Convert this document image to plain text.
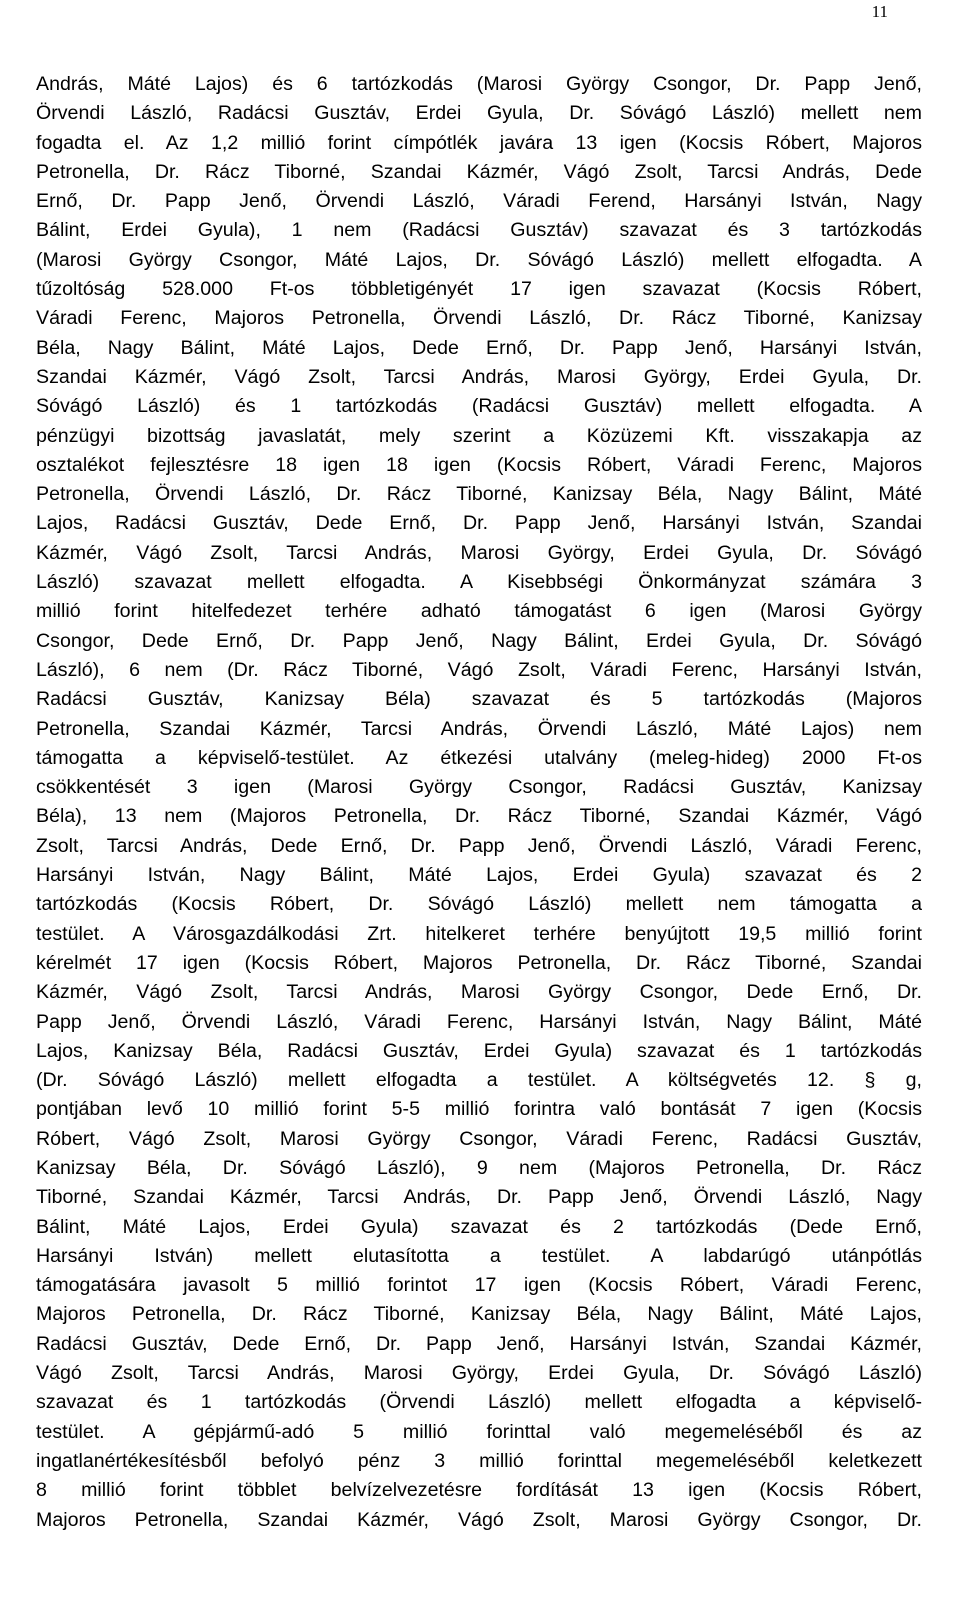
11
András, Máté Lajos) és 6 tartózkodás (Marosi György Csongor, Dr. Papp Jenő,
Örvendi László, Radácsi Gusztáv, Erdei Gyula, Dr. Sóvágó László) mellett nem
fogadta el. Az 1,2 millió forint címpótlék javára 13 igen (Kocsis Róbert, Majoros
Petronella, Dr. Rácz Tiborné, Szandai Kázmér, Vágó Zsolt, Tarcsi András, Dede
Ernő, Dr. Papp Jenő, Örvendi László, Váradi Ferend, Harsányi István, Nagy
Bálint, Erdei Gyula), 1 nem (Radácsi Gusztáv) szavazat és 3 tartózkodás
(Marosi György Csongor, Máté Lajos, Dr. Sóvágó László) mellett elfogadta. A
tűzoltóság 528.000 Ft-os többletigényét 17 igen szavazat (Kocsis Róbert,
Váradi Ferenc, Majoros Petronella, Örvendi László, Dr. Rácz Tiborné, Kanizsay
Béla, Nagy Bálint, Máté Lajos, Dede Ernő, Dr. Papp Jenő, Harsányi István,
Szandai Kázmér, Vágó Zsolt, Tarcsi András, Marosi György, Erdei Gyula, Dr.
Sóvágó László) és 1 tartózkodás (Radácsi Gusztáv) mellett elfogadta. A
pénzügyi bizottság javaslatát, mely szerint a Közüzemi Kft. visszakapja az
osztalékot fejlesztésre 18 igen 18 igen (Kocsis Róbert, Váradi Ferenc, Majoros
Petronella, Örvendi László, Dr. Rácz Tiborné, Kanizsay Béla, Nagy Bálint, Máté
Lajos, Radácsi Gusztáv, Dede Ernő, Dr. Papp Jenő, Harsányi István, Szandai
Kázmér, Vágó Zsolt, Tarcsi András, Marosi György, Erdei Gyula, Dr. Sóvágó
László) szavazat mellett elfogadta. A Kisebbségi Önkormányzat számára 3
millió forint hitelfedezet terhére adható támogatást 6 igen (Marosi György
Csongor, Dede Ernő, Dr. Papp Jenő, Nagy Bálint, Erdei Gyula, Dr. Sóvágó
László), 6 nem (Dr. Rácz Tiborné, Vágó Zsolt, Váradi Ferenc, Harsányi István,
Radácsi Gusztáv, Kanizsay Béla) szavazat és 5 tartózkodás (Majoros
Petronella, Szandai Kázmér, Tarcsi András, Örvendi László, Máté Lajos) nem
támogatta a képviselő-testület. Az étkezési utalvány (meleg-hideg) 2000 Ft-os
csökkentését 3 igen (Marosi György Csongor, Radácsi Gusztáv, Kanizsay
Béla), 13 nem (Majoros Petronella, Dr. Rácz Tiborné, Szandai Kázmér, Vágó
Zsolt, Tarcsi András, Dede Ernő, Dr. Papp Jenő, Örvendi László, Váradi Ferenc,
Harsányi István, Nagy Bálint, Máté Lajos, Erdei Gyula) szavazat és 2
tartózkodás (Kocsis Róbert, Dr. Sóvágó László) mellett nem támogatta a
testület. A Városgazdálkodási Zrt. hitelkeret terhére benyújtott 19,5 millió forint
kérelmét 17 igen (Kocsis Róbert, Majoros Petronella, Dr. Rácz Tiborné, Szandai
Kázmér, Vágó Zsolt, Tarcsi András, Marosi György Csongor, Dede Ernő, Dr.
Papp Jenő, Örvendi László, Váradi Ferenc, Harsányi István, Nagy Bálint, Máté
Lajos, Kanizsay Béla, Radácsi Gusztáv, Erdei Gyula) szavazat és 1 tartózkodás
(Dr. Sóvágó László) mellett elfogadta a testület. A költségvetés 12. § g,
pontjában levő 10 millió forint 5-5 millió forintra való bontását 7 igen (Kocsis
Róbert, Vágó Zsolt, Marosi György Csongor, Váradi Ferenc, Radácsi Gusztáv,
Kanizsay Béla, Dr. Sóvágó László), 9 nem (Majoros Petronella, Dr. Rácz
Tiborné, Szandai Kázmér, Tarcsi András, Dr. Papp Jenő, Örvendi László, Nagy
Bálint, Máté Lajos, Erdei Gyula) szavazat és 2 tartózkodás (Dede Ernő,
Harsányi István) mellett elutasította a testület. A labdarúgó utánpótlás
támogatására javasolt 5 millió forintot 17 igen (Kocsis Róbert, Váradi Ferenc,
Majoros Petronella, Dr. Rácz Tiborné, Kanizsay Béla, Nagy Bálint, Máté Lajos,
Radácsi Gusztáv, Dede Ernő, Dr. Papp Jenő, Harsányi István, Szandai Kázmér,
Vágó Zsolt, Tarcsi András, Marosi György, Erdei Gyula, Dr. Sóvágó László)
szavazat és 1 tartózkodás (Örvendi László) mellett elfogadta a képviselő-
testület. A gépjármű-adó 5 millió forinttal való megemeléséből és az
ingatlanértékesítésből befolyó pénz 3 millió forinttal megemeléséből keletkezett
8 millió forint többlet belvízelvezetésre fordítását 13 igen (Kocsis Róbert,
Majoros Petronella, Szandai Kázmér, Vágó Zsolt, Marosi György Csongor, Dr.
